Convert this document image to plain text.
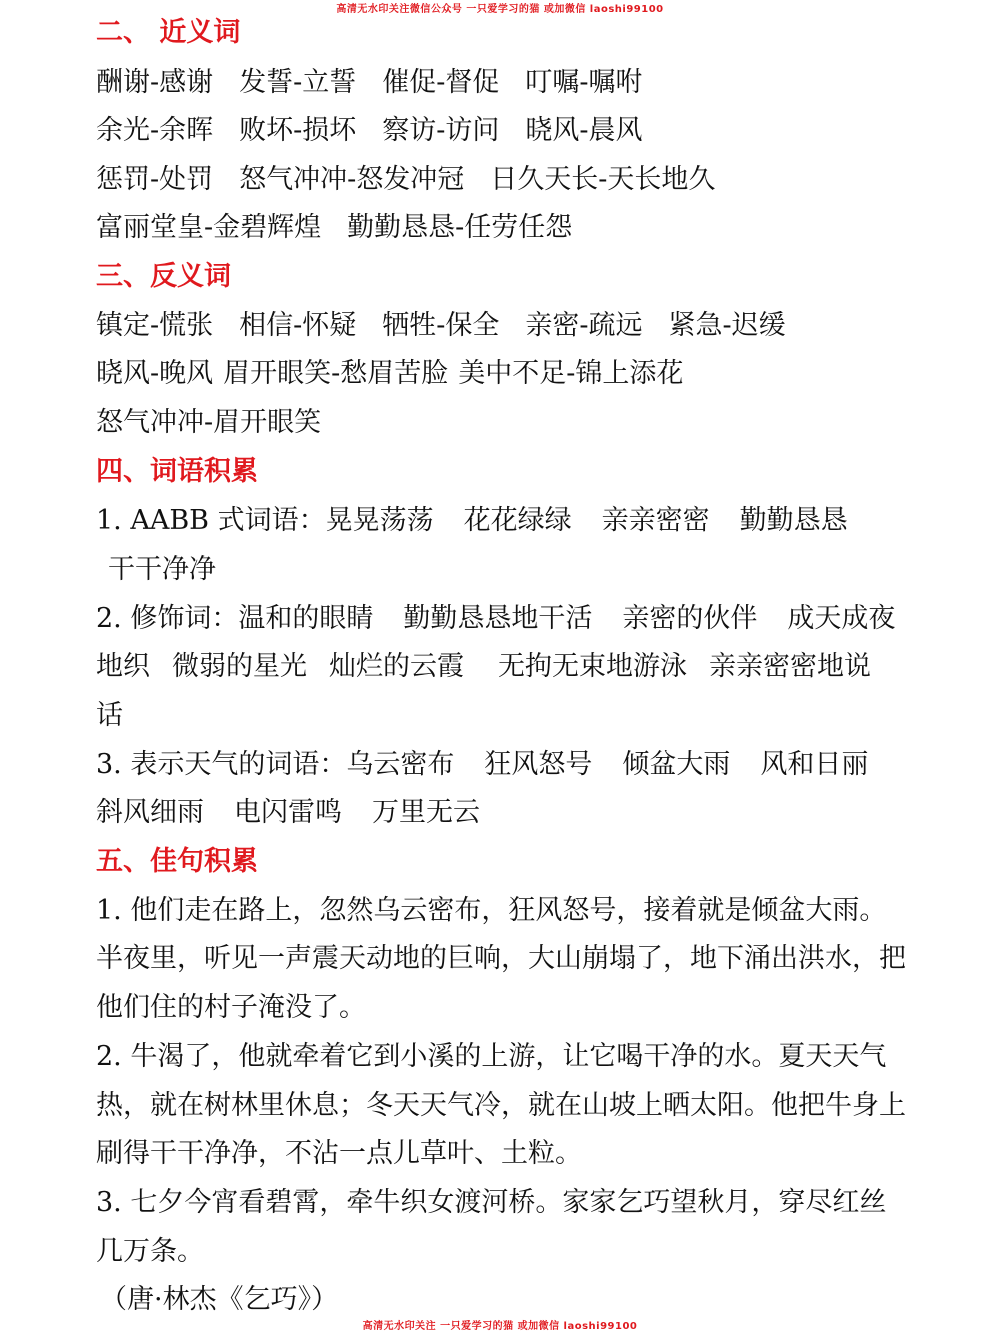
高清无水印关注微信公众号 一只爱学习的猫 或加微信 laoshi99100
二、 近义词
酬谢-感谢 发誓-立誓 催促-督促 叮嘱-嘱咐
余光-余晖 败坏-损坏 察访-访问 晓风-晨风
惩罚-处罚 怒气冲冲-怒发冲冠 日久天长-天长地久
富丽堂皇-金碧辉煌 勤勤恳恳-任劳任怨
三、反义词
镇定-慌张 相信-怀疑 牺牲-保全 亲密-疏远 紧急-迟缓
晓风-晚风 眉开眼笑-愁眉苦脸 美中不足-锦上添花
怒气冲冲-眉开眼笑
四、词语积累
1. AABB 式词语：晃晃荡荡 花花绿绿 亲亲密密 勤勤恳恳
干干净净
2. 修饰词：温和的眼睛 勤勤恳恳地干活 亲密的伙伴 成天成夜
地织 微弱的星光 灿烂的云霞 无拘无束地游泳 亲亲密密地说
话
3. 表示天气的词语：乌云密布 狂风怒号 倾盆大雨 风和日丽
斜风细雨 电闪雷鸣 万里无云
五、佳句积累
1. 他们走在路上，忽然乌云密布，狂风怒号，接着就是倾盆大雨。
半夜里，听见一声震天动地的巨响，大山崩塌了，地下涌出洪水，把
他们住的村子淹没了。
2. 牛渴了，他就牵着它到小溪的上游，让它喝干净的水。夏天天气
热，就在树林里休息；冬天天气冷，就在山坡上晒太阳。他把牛身上
刷得干干净净，不沾一点儿草叶、土粒。
3. 七夕今宵看碧霄，牵牛织女渡河桥。家家乞巧望秋月，穿尽红丝
几万条。
（唐·林杰《乞巧》）
高清无水印关注 一只爱学习的猫 或加微信 laoshi99100
